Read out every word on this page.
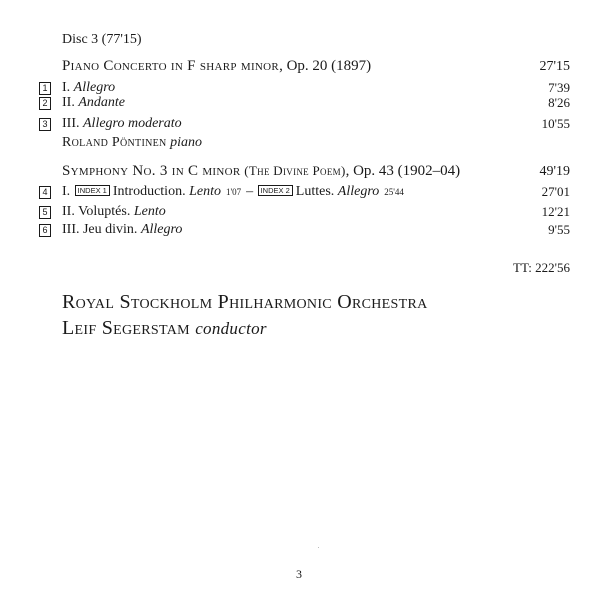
Disc 3 (77'15)
Piano Concerto in F sharp minor, Op. 20 (1897)	27'15
1 I. Allegro	7'39
2 II. Andante	8'26
3 III. Allegro moderato	10'55
Roland Pöntinen piano
Symphony No. 3 in C minor (The Divine Poem), Op. 43 (1902–04)	49'19
4 I. INDEX 1 Introduction. Lento 1'07 – INDEX 2 Luttes. Allegro 25'44	27'01
5 II. Voluptés. Lento	12'21
6 III. Jeu divin. Allegro	9'55
TT: 222'56
Royal Stockholm Philharmonic Orchestra
Leif Segerstam conductor
3
